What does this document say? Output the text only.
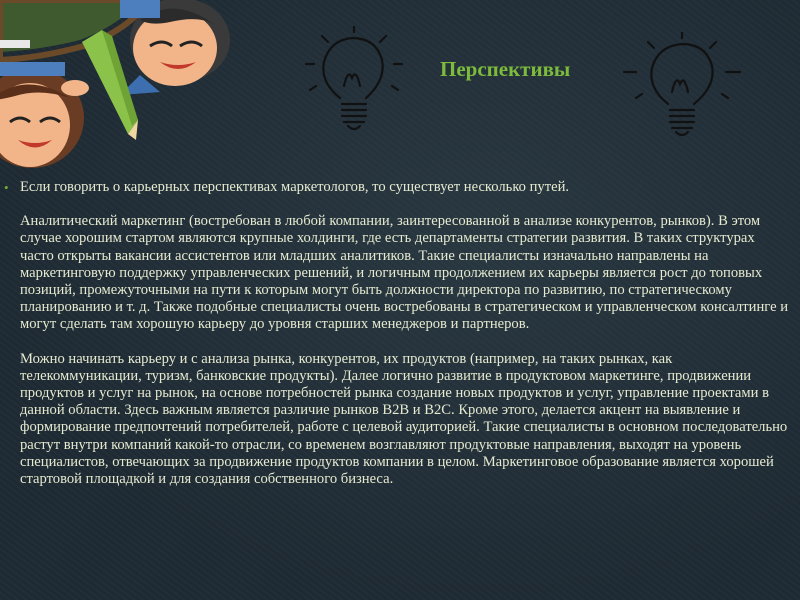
Перспективы

• Если говорить о карьерных перспективах маркетологов, то существует несколько путей.

Аналитический маркетинг (востребован в любой компании, заинтересованной в анализе конкурентов, рынков). В этом случае хорошим стартом являются крупные холдинги, где есть департаменты стратегии развития. В таких структурах часто открыты вакансии ассистентов или младших аналитиков. Такие специалисты изначально направлены на маркетинговую поддержку управленческих решений, и логичным продолжением их карьеры является рост до топовых позиций, промежуточными на пути к которым могут быть должности директора по развитию, по стратегическому планированию и т. д. Также подобные специалисты очень востребованы в стратегическом и управленческом консалтинге и могут сделать там хорошую карьеру до уровня старших менеджеров и партнеров.

Можно начинать карьеру и с анализа рынка, конкурентов, их продуктов (например, на таких рынках, как телекоммуникации, туризм, банковские продукты). Далее логично развитие в продуктовом маркетинге, продвижении продуктов и услуг на рынок, на основе потребностей рынка создание новых продуктов и услуг, управление проектами в данной области. Здесь важным является различие рынков B2B и B2C. Кроме этого, делается акцент на выявление и формирование предпочтений потребителей, работе с целевой аудиторией. Такие специалисты в основном последовательно растут внутри компаний какой-то отрасли, со временем возглавляют продуктовые направления, выходят на уровень специалистов, отвечающих за продвижение продуктов компании в целом. Маркетинговое образование является хорошей стартовой площадкой и для создания собственного бизнеса.
